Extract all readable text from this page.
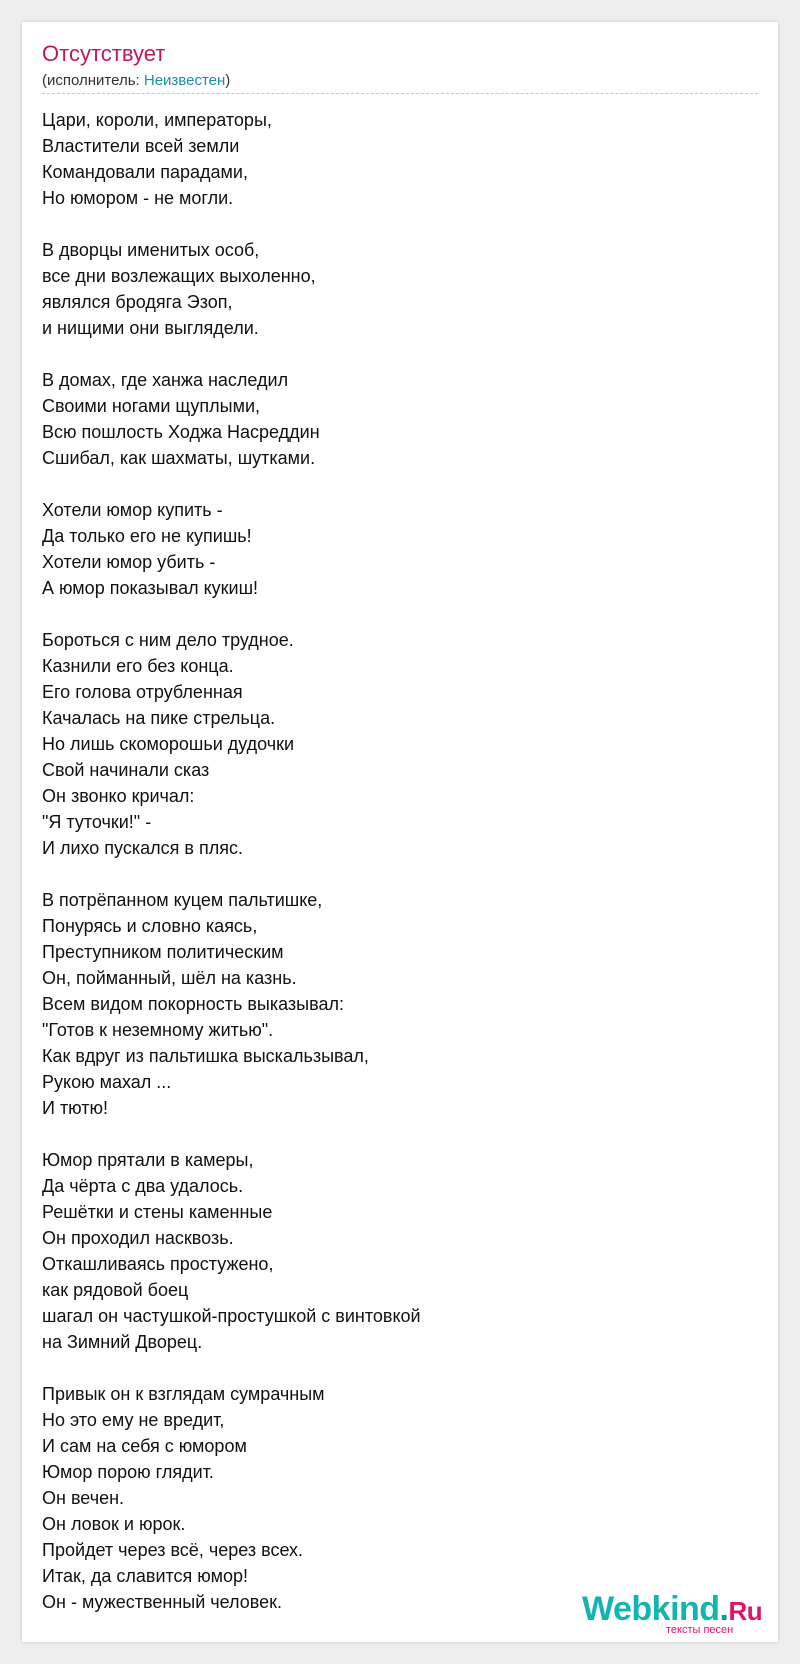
Отсутствует
(исполнитель: Неизвестен)
Цари, короли, императоры,
Властители всей земли
Командовали парадами,
Но юмором - не могли.
В дворцы именитых особ,
все дни возлежащих выхоленно,
являлся бродяга Эзоп,
и нищими они выглядели.
В домах, где ханжа наследил
Своими ногами щуплыми,
Всю пошлость Ходжа Насреддин
Сшибал, как шахматы, шутками.
Хотели юмор купить -
Да только его не купишь!
Хотели юмор убить -
А юмор показывал кукиш!
Бороться с ним дело трудное.
Казнили его без конца.
Его голова отрубленная
Качалась на пике стрельца.
Но лишь скоморошьи дудочки
Свой начинали сказ
Он звонко кричал:
"Я туточки!" -
И лихо пускался в пляс.
В потрёпанном куцем пальтишке,
Понурясь и словно каясь,
Преступником политическим
Он, пойманный, шёл на казнь.
Всем видом покорность выказывал:
"Готов к неземному житью".
Как вдруг из пальтишка выскальзывал,
Рукою махал ...
И тютю!
Юмор прятали в камеры,
Да чёрта с два удалось.
Решётки и стены каменные
Он проходил насквозь.
Откашливаясь простужено,
как рядовой боец
шагал он частушкой-простушкой с винтовкой
на Зимний Дворец.
Привык он к взглядам сумрачным
Но это ему не вредит,
И сам на себя с юмором
Юмор порою глядит.
Он вечен.
Он ловок и юрок.
Пройдет через всё, через всех.
Итак, да славится юмор!
Он - мужественный человек.	Webkind.Ru
тексты песен
